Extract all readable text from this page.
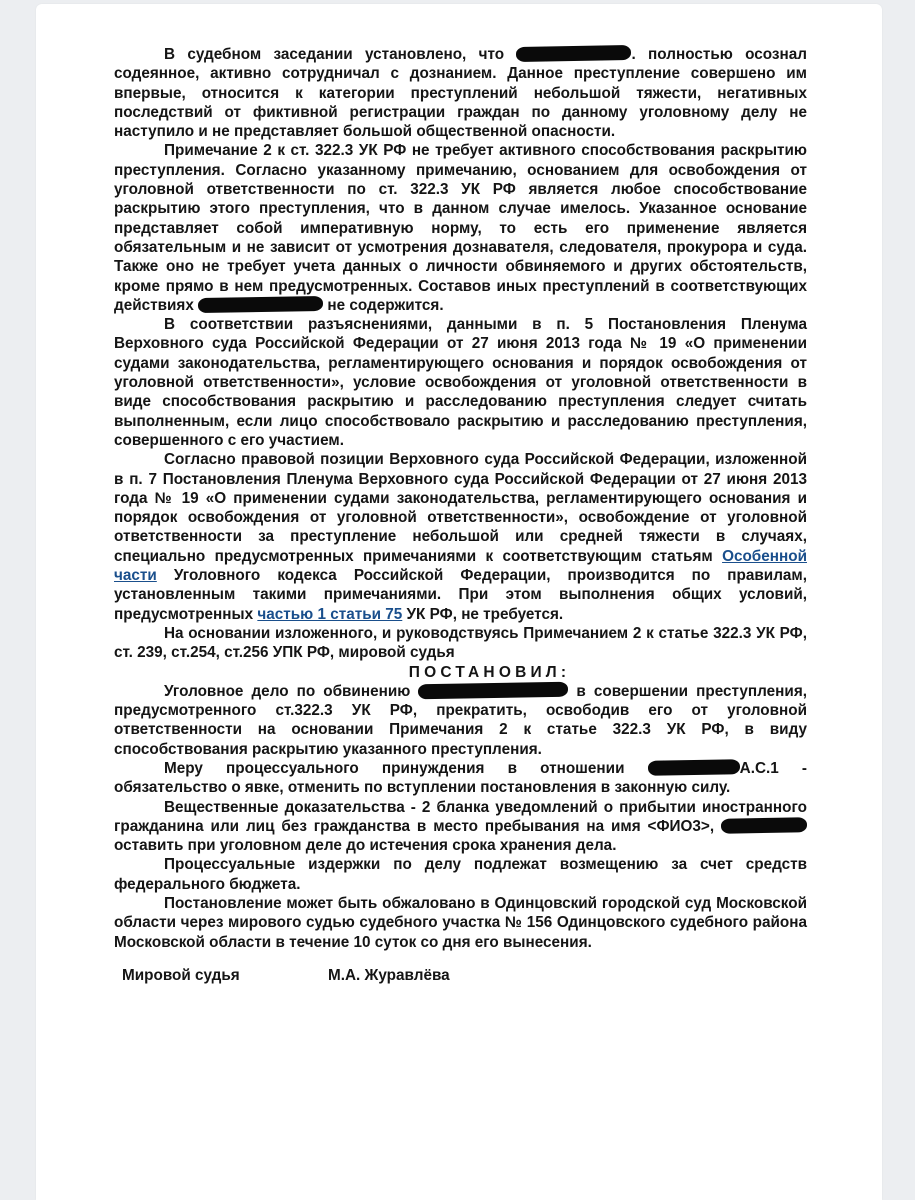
В судебном заседании установлено, что	. полностью осознал содеянное, активно сотрудничал с дознанием. Данное преступление совершено им впервые, относится к категории преступлений небольшой тяжести, негативных последствий от фиктивной регистрации граждан по данному уголовному делу не наступило и не представляет большой общественной опасности.

Примечание 2 к ст. 322.3 УК РФ не требует активного способствования раскрытию преступления. Согласно указанному примечанию, основанием для освобождения от уголовной ответственности по ст. 322.3 УК РФ является любое способствование раскрытию этого преступления, что в данном случае имелось. Указанное основание представляет собой императивную норму, то есть его применение является обязательным и не зависит от усмотрения дознавателя, следователя, прокурора и суда. Также оно не требует учета данных о личности обвиняемого и других обстоятельств, кроме прямо в нем предусмотренных. Составов иных преступлений в соответствующих действиях	не содержится.

В соответствии разъяснениями, данными в п. 5 Постановления Пленума Верховного суда Российской Федерации от 27 июня 2013 года № 19 «О применении судами законодательства, регламентирующего основания и порядок освобождения от уголовной ответственности», условие освобождения от уголовной ответственности в виде способствования раскрытию и расследованию преступления следует считать выполненным, если лицо способствовало раскрытию и расследованию преступления, совершенного с его участием.

Согласно правовой позиции Верховного суда Российской Федерации, изложенной в п. 7 Постановления Пленума Верховного суда Российской Федерации от 27 июня 2013 года № 19 «О применении судами законодательства, регламентирующего основания и порядок освобождения от уголовной ответственности», освобождение от уголовной ответственности за преступление небольшой или средней тяжести в случаях, специально предусмотренных примечаниями к соответствующим статьям Особенной части Уголовного кодекса Российской Федерации, производится по правилам, установленным такими примечаниями. При этом выполнения общих условий, предусмотренных частью 1 статьи 75 УК РФ, не требуется.

На основании изложенного, и руководствуясь Примечанием 2 к статье 322.3 УК РФ, ст. 239, ст.254, ст.256 УПК РФ, мировой судья

ПОСТАНОВИЛ:

Уголовное дело по обвинению	в совершении преступления, предусмотренного ст.322.3 УК РФ, прекратить, освободив его от уголовной ответственности на основании Примечания 2 к статье 322.3 УК РФ, в виду способствования раскрытию указанного преступления.

Меру процессуального принуждения в отношении	А.С.1 - обязательство о явке, отменить по вступлении постановления в законную силу.

Вещественные доказательства - 2 бланка уведомлений о прибытии иностранного гражданина или лиц без гражданства в место пребывания на имя <ФИО3>,  оставить при уголовном деле до истечения срока хранения дела.

Процессуальные издержки по делу подлежат возмещению за счет средств федерального бюджета.

Постановление может быть обжаловано в Одинцовский городской суд Московской области через мирового судью судебного участка № 156 Одинцовского судебного района Московской области в течение 10 суток со дня его вынесения.

Мировой судья	М.А. Журавлёва
